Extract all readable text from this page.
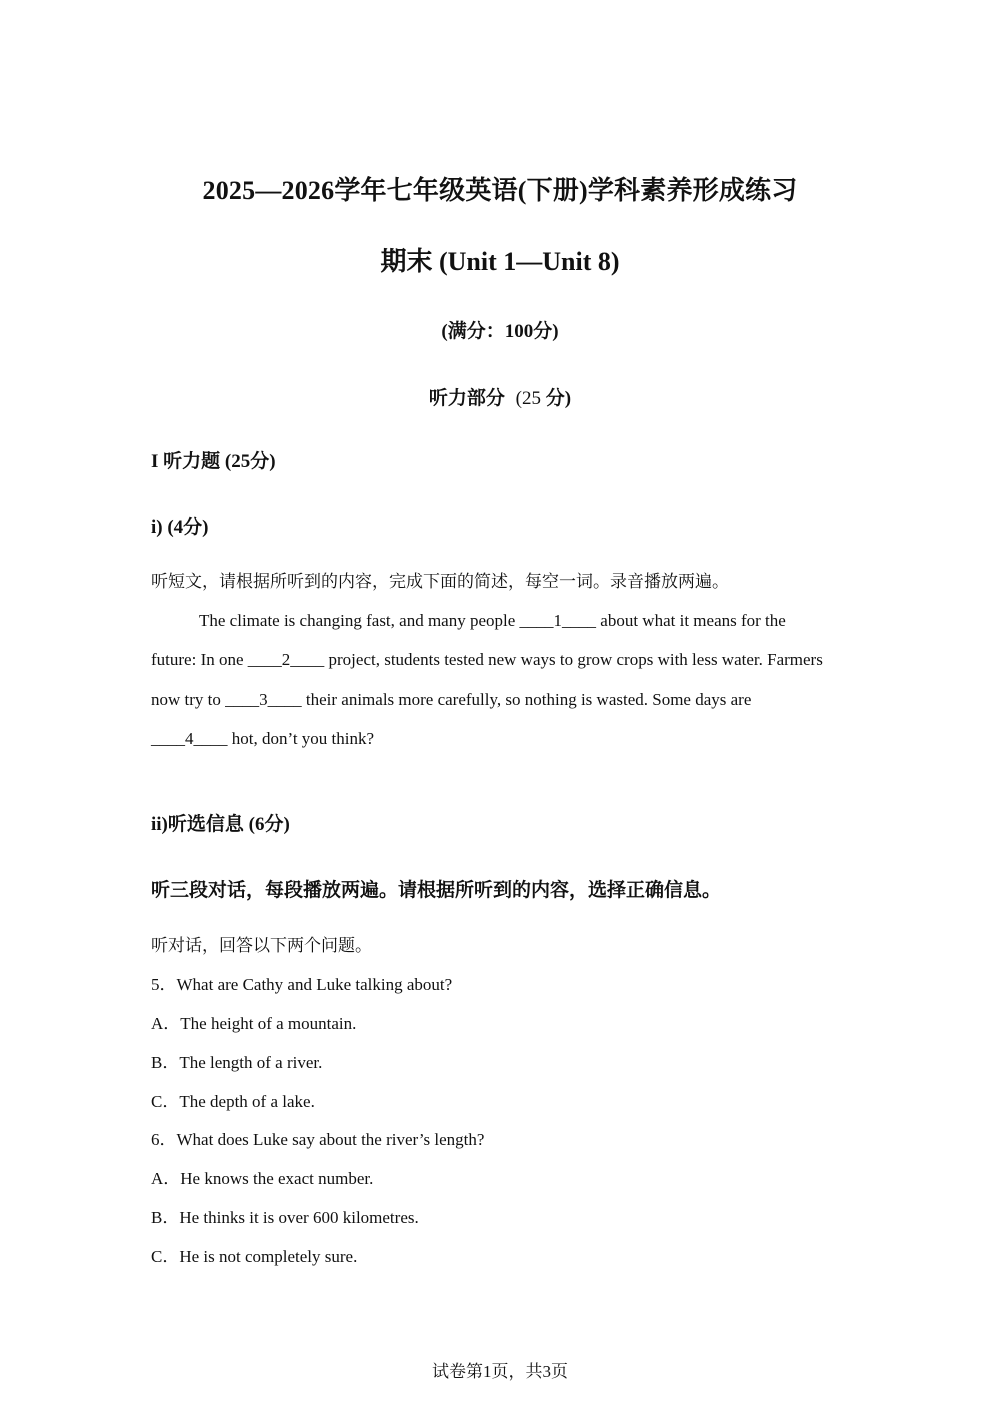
2025—2026学年七年级英语(下册)学科素养形成练习
期末 (Unit 1—Unit 8)
(满分：100分)
听力部分 (25 分)
I 听力题 (25分)
i) (4分)
听短文，请根据所听到的内容，完成下面的简述，每空一词。录音播放两遍。
The climate is changing fast, and many people ____1____ about what it means for the
future: In one ____2____ project, students tested new ways to grow crops with less water. Farmers
now try to ____3____ their animals more carefully, so nothing is wasted. Some days are
____4____ hot, don’t you think?
ii)听选信息 (6分)
听三段对话，每段播放两遍。请根据所听到的内容，选择正确信息。
听对话，回答以下两个问题。
5．What are Cathy and Luke talking about?
A．The height of a mountain.
B．The length of a river.
C．The depth of a lake.
6．What does Luke say about the river’s length?
A．He knows the exact number.
B．He thinks it is over 600 kilometres.
C．He is not completely sure.
试卷第1页，共3页
